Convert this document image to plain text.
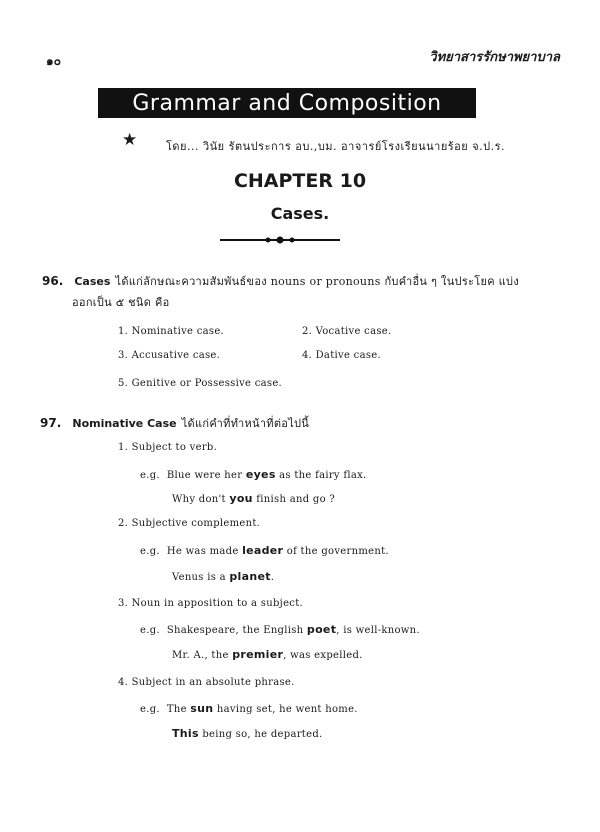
๑๐	วิทยาสารรักษาพยาบาล
Grammar and Composition
★	โดย... วินัย รัตนประการ อบ.,บม. อาจารย์โรงเรียนนายร้อย จ.ป.ร.
CHAPTER 10
Cases.
96. Cases ได้แก่ลักษณะความสัมพันธ์ของ nouns or pronouns กับคำอื่น ๆ ในประโยค แบ่ง
ออกเป็น ๕ ชนิด คือ
1. Nominative case.	2. Vocative case.
3. Accusative case.	4. Dative case.
5. Genitive or Possessive case.
97. Nominative Case ได้แก่คำที่ทำหน้าที่ต่อไปนี้
1. Subject to verb.
e.g. Blue were her eyes as the fairy flax.
Why don't you finish and go ?
2. Subjective complement.
e.g. He was made leader of the government.
Venus is a planet.
3. Noun in apposition to a subject.
e.g. Shakespeare, the English poet, is well-known.
Mr. A., the premier, was expelled.
4. Subject in an absolute phrase.
e.g. The sun having set, he went home.
This being so, he departed.
